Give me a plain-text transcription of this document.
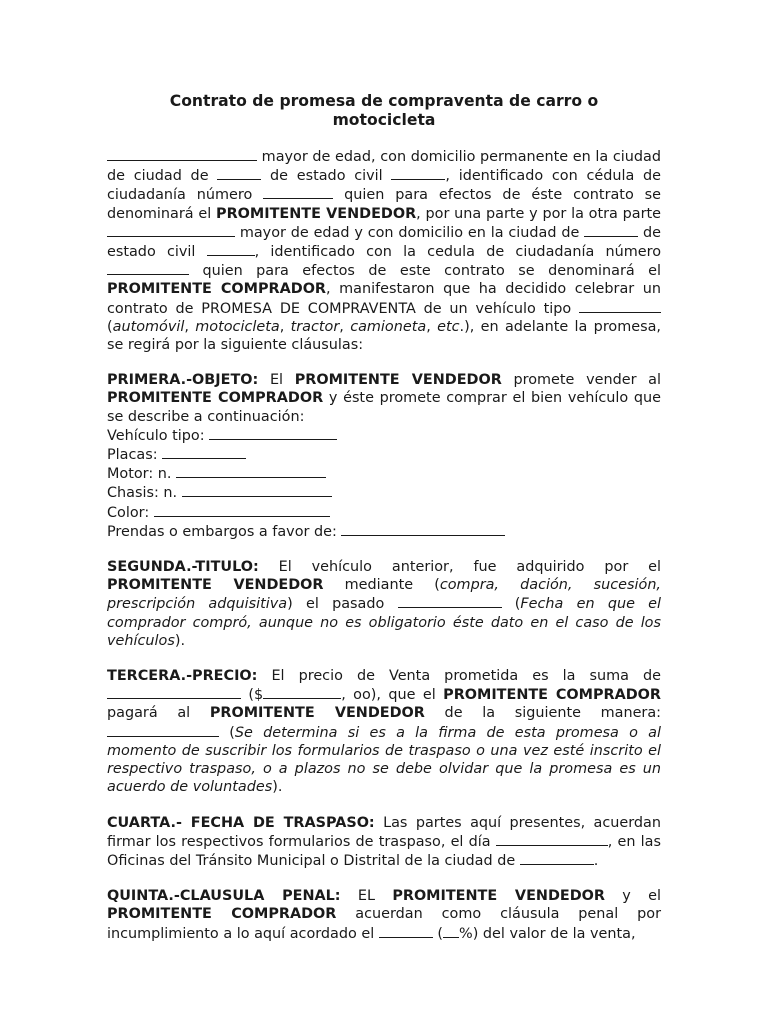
Contrato de promesa de compraventa de carro o motocicleta
mayor de edad, con domicilio permanente en la ciudad de ciudad de	de estado civil	, identificado con cédula de ciudadanía número	quien para efectos de éste contrato se denominará el PROMITENTE VENDEDOR, por una parte y por la otra parte  mayor de edad y con domicilio en la ciudad de	de estado civil	, identificado con la cedula de ciudadanía número  quien para efectos de este contrato se denominará el PROMITENTE COMPRADOR, manifestaron que ha decidido celebrar un contrato de PROMESA DE COMPRAVENTA de un vehículo tipo  (automóvil, motocicleta, tractor, camioneta, etc.), en adelante la promesa, se regirá por la siguiente cláusulas:
PRIMERA.-OBJETO: El PROMITENTE VENDEDOR promete vender al PROMITENTE COMPRADOR y éste promete comprar el bien vehículo que se describe a continuación:
Vehículo tipo:
Placas:
Motor: n.
Chasis: n.
Color:
Prendas o embargos a favor de:
SEGUNDA.-TITULO: El vehículo anterior, fue adquirido por el PROMITENTE VENDEDOR mediante (compra, dación, sucesión, prescripción adquisitiva) el pasado	(Fecha en que el comprador compró, aunque no es obligatorio éste dato en el caso de los vehículos).
TERCERA.-PRECIO: El precio de Venta prometida es la suma de  ($	, oo), que el PROMITENTE COMPRADOR pagará al PROMITENTE VENDEDOR de la siguiente manera:  (Se determina si es a la firma de esta promesa o al momento de suscribir los formularios de traspaso o una vez esté inscrito el respectivo traspaso, o a plazos no se debe olvidar que la promesa es un acuerdo de voluntades).
CUARTA.- FECHA DE TRASPASO: Las partes aquí presentes, acuerdan firmar los respectivos formularios de traspaso, el día	, en las Oficinas del Tránsito Municipal o Distrital de la ciudad de	.
QUINTA.-CLAUSULA PENAL: EL PROMITENTE VENDEDOR y el PROMITENTE COMPRADOR acuerdan como cláusula penal por incumplimiento a lo aquí acordado el	( %) del valor de la venta,
